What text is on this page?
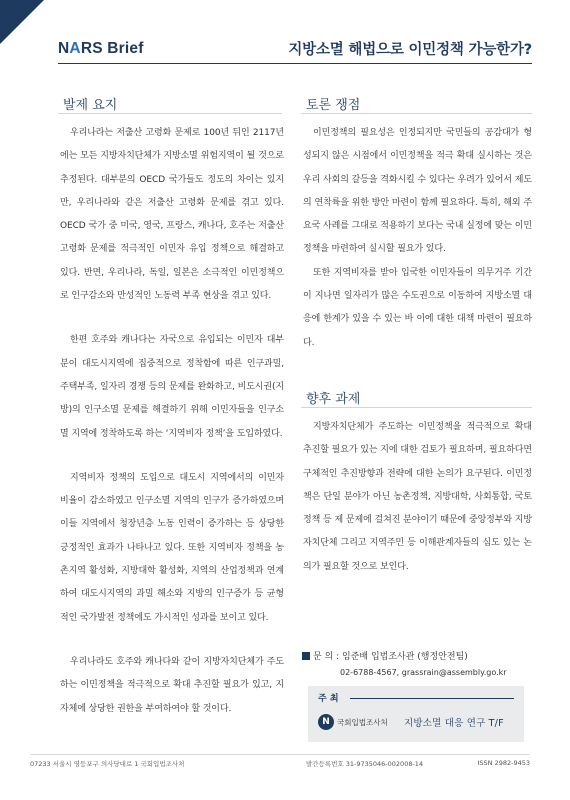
NARS Brief	지방소멸 해법으로 이민정책 가능한가?
발제 요지

우리나라는 저출산 고령화 문제로 100년 뒤인 2117년에는 모든 지방자치단체가 지방소멸 위험지역이 될 것으로 추정된다. 대부분의 OECD 국가들도 정도의 차이는 있지만, 우리나라와 같은 저출산 고령화 문제를 겪고 있다. OECD 국가 중 미국, 영국, 프랑스, 캐나다, 호주는 저출산 고령화 문제를 적극적인 이민자 유입 정책으로 해결하고 있다. 반면, 우리나라, 독일, 일본은 소극적인 이민정책으로 인구감소와 만성적인 노동력 부족 현상을 겪고 있다.

한편 호주와 캐나다는 자국으로 유입되는 이민자 대부분이 대도시지역에 집중적으로 정착함에 따른 인구과밀, 주택부족, 일자리 경쟁 등의 문제를 완화하고, 비도시권(지방)의 인구소멸 문제를 해결하기 위해 이민자들을 인구소멸 지역에 정착하도록 하는 ‘지역비자 정책’을 도입하였다.

지역비자 정책의 도입으로 대도시 지역에서의 이민자 비율이 감소하였고 인구소멸 지역의 인구가 증가하였으며 이들 지역에서 청장년층 노동 인력이 증가하는 등 상당한 긍정적인 효과가 나타나고 있다. 또한 지역비자 정책을 농촌지역 활성화, 지방대학 활성화, 지역의 산업정책과 연계하여 대도시지역의 과밀 해소와 지방의 인구증가 등 균형적인 국가발전 정책에도 가시적인 성과를 보이고 있다.

우리나라도 호주와 캐나다와 같이 지방자치단체가 주도하는 이민정책을 적극적으로 확대 추진할 필요가 있고, 지자체에 상당한 권한을 부여하여야 할 것이다.

토론 쟁점

이민정책의 필요성은 인정되지만 국민들의 공감대가 형성되지 않은 시점에서 이민정책을 적극 확대 실시하는 것은 우리 사회의 갈등을 격화시킬 수 있다는 우려가 있어서 제도의 연착륙을 위한 방안 마련이 함께 필요하다. 특히, 해외 주요국 사례를 그대로 적용하기 보다는 국내 실정에 맞는 이민정책을 마련하여 실시할 필요가 있다.

또한 지역비자를 받아 입국한 이민자들이 의무거주 기간이 지나면 일자리가 많은 수도권으로 이동하여 지방소멸 대응에 한계가 있을 수 있는 바 이에 대한 대책 마련이 필요하다.

향후 과제

지방자치단체가 주도하는 이민정책을 적극적으로 확대 추진할 필요가 있는 지에 대한 검토가 필요하며, 필요하다면 구체적인 추진방향과 전략에 대한 논의가 요구된다. 이민정책은 단일 분야가 아닌 농촌정책, 지방대학, 사회통합, 국토정책 등 제 문제에 걸쳐진 분야이기 때문에 중앙정부와 지방자치단체 그리고 지역주민 등 이해관계자들의 심도 있는 논의가 필요할 것으로 보인다.

문 의 : 임준배 입법조사관 (행정안전팀)
02-6788-4567, grassrain@assembly.go.kr
주 최
N 국회입법조사처 지방소멸 대응 연구 T/F
07233 서울시 영등포구 의사당대로 1 국회입법조사처	발간등록번호 31-9735046-002008-14	ISSN 2982-9453
